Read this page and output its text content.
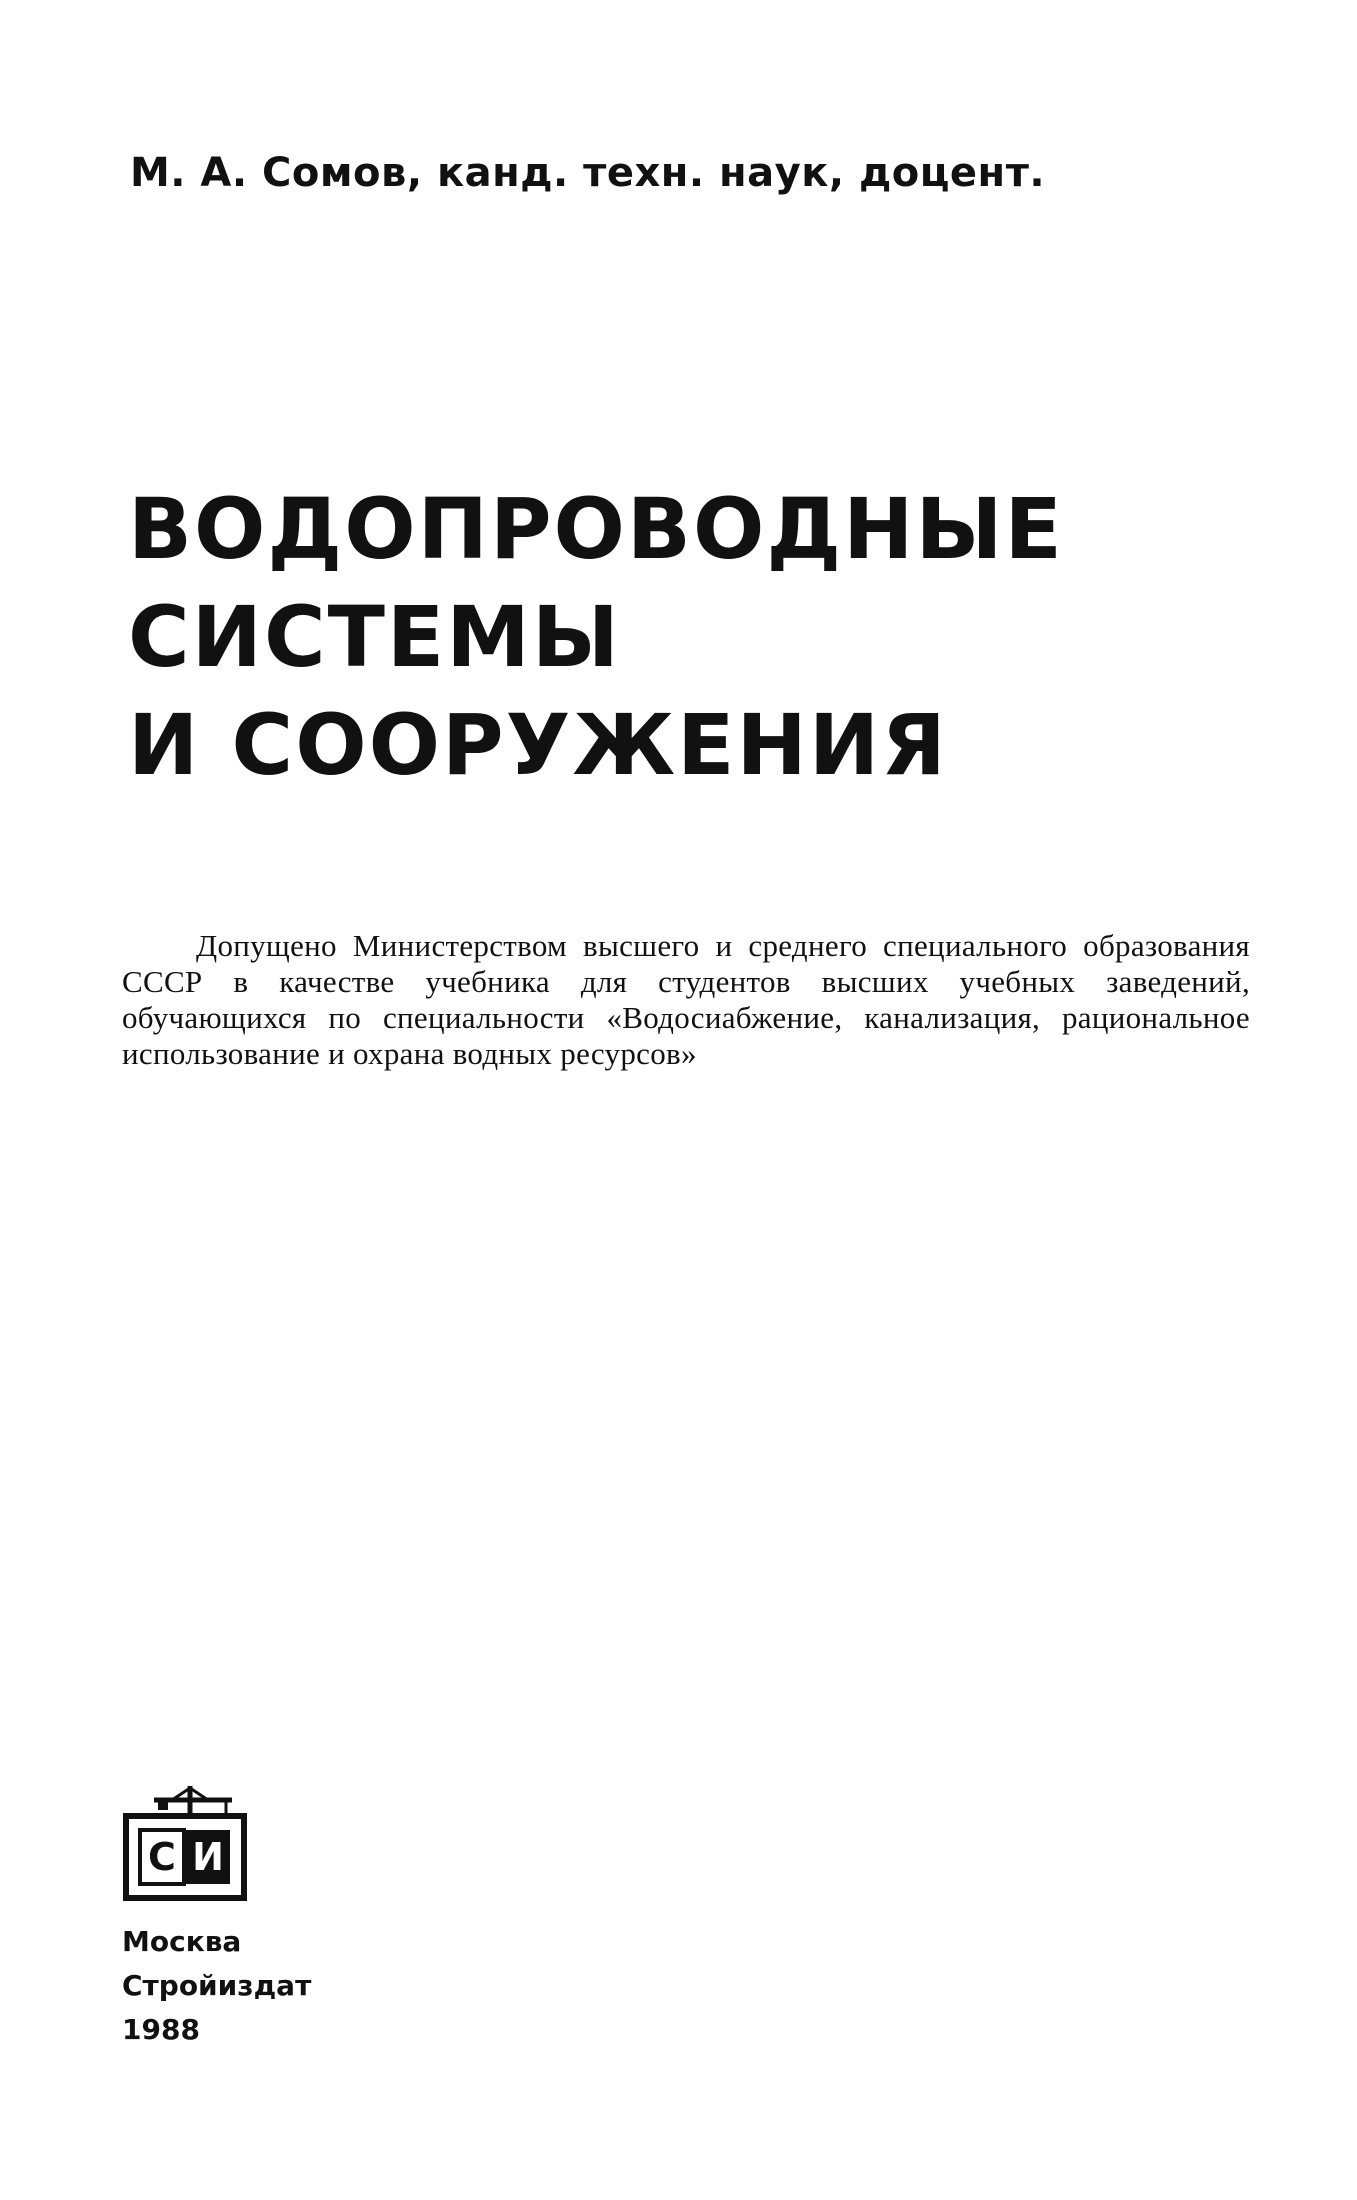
М. А. Сомов, канд. техн. наук, доцент.
ВОДОПРОВОДНЫЕ
СИСТЕМЫ
И СООРУЖЕНИЯ
Допущено Министерством высшего и среднего специального образования СССР в качестве учебника для студентов высших учебных заведений, обучающихся по специальности «Водосиабжение, канализация, рациональное использование и охрана водных ресурсов»
С И
Москва
Стройиздат
1988
